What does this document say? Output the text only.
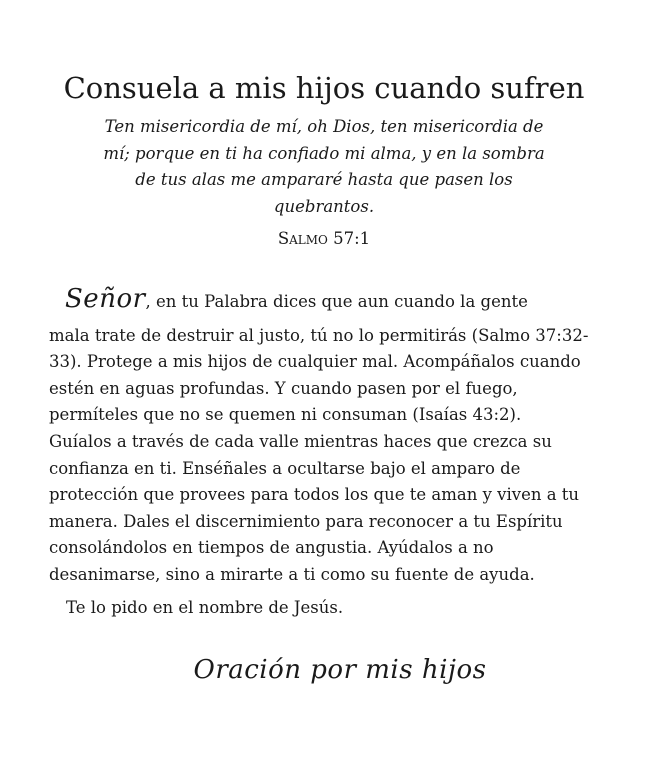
Consuela a mis hijos cuando sufren
Ten misericordia de mí, oh Dios, ten misericordia de mí; porque en ti ha confiado mi alma, y en la sombra de tus alas me ampararé hasta que pasen los quebrantos.
Salmo 57:1

Señor, en tu Palabra dices que aun cuando la gente

mala trate de destruir al justo, tú no lo permitirás (Salmo 37:32-33). Protege a mis hijos de cualquier mal. Acompáñalos cuando estén en aguas profundas. Y cuando pasen por el fuego, permíteles que no se quemen ni consuman (Isaías 43:2). Guíalos a través de cada valle mientras haces que crezca su confianza en ti. Enséñales a ocultarse bajo el amparo de protección que provees para todos los que te aman y viven a tu manera. Dales el discernimiento para reconocer a tu Espíritu consolándolos en tiempos de angustia. Ayúdalos a no desanimarse, sino a mirarte a ti como su fuente de ayuda.

Te lo pido en el nombre de Jesús.

Oración por mis hijos
